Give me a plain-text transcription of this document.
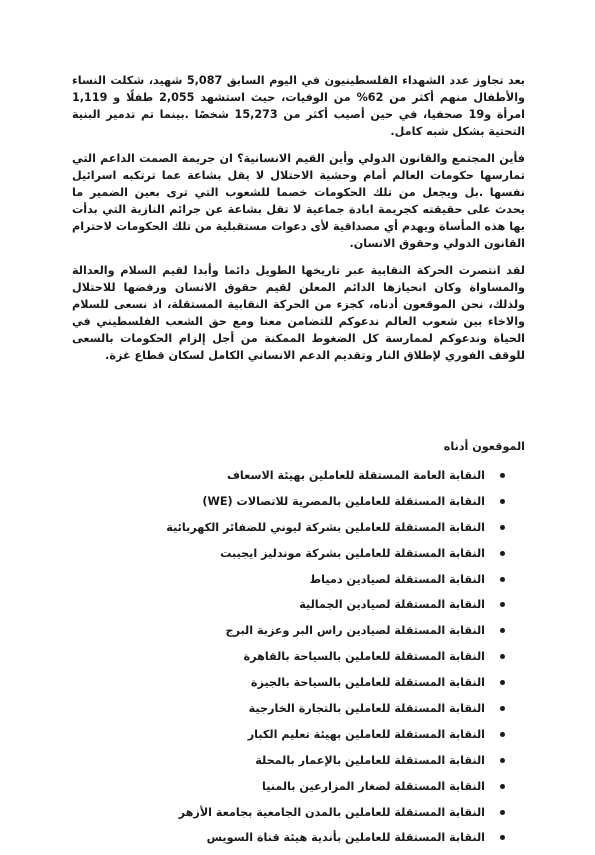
بعد تجاوز عدد الشهداء الفلسطينيون في اليوم السابق 5,087 شهيد، شكلت النساء والأطفال منهم أكثر من 62% من الوفيات، حيث استشهد 2,055 طفلًا و 1,119 امرأة و19 صحفيا، في حين أصيب أكثر من 15,273 شخصًا .بينما تم تدمير البنية التحتية بشكل شبه كامل.

فأين المجتمع والقانون الدولي وأين القيم الانسانية؟ ان جريمة الصمت الداعم التي تمارسها حكومات العالم أمام وحشية الاحتلال لا يقل بشاعة عما ترتكبه اسرائيل نفسها .بل ويجعل من تلك الحكومات خصما للشعوب التي ترى بعين الضمير ما يحدث على حقيقته كجريمة ابادة جماعية لا تقل بشاعة عن جرائم النازية التي بدأت بها هذه المأساة ويهدم أي مصداقية لأى دعوات مستقبلية من تلك الحكومات لاحترام القانون الدولي وحقوق الانسان.

لقد انتصرت الحركة النقابية عبر تاريخها الطويل دائما وأبدا لقيم السلام والعدالة والمساواة وكان انحيازها الدائم المعلن لقيم حقوق الانسان ورفضها للاحتلال ولذلك، نحن الموقعون أدناه، كجزء من الحركة النقابية المستقلة، اذ نسعى للسلام والاخاء بين شعوب العالم ندعوكم للتضامن معنا ومع حق الشعب الفلسطيني في الحياة وندعوكم لممارسة كل الضغوط الممكنة من أجل إلزام الحكومات بالسعى للوقف الفوري لإطلاق النار وتقديم الدعم الانساني الكامل لسكان قطاع غزة.

الموقعون أدناه
النقابة العامة المستقلة للعاملين بهيئة الاسعاف
النقابة المستقلة للعاملين بالمصرية للاتصالات (WE)
النقابة المستقلة للعاملين بشركة ليوني للضفائر الكهربائية
النقابة المستقلة للعاملين بشركة موندليز ايجيبت
النقابة المستقلة لصيادين دمياط
النقابة المستقلة لصيادين الجمالية
النقابة المستقلة لصيادين راس البر وعزبة البرج
النقابة المستقلة للعاملين بالسياحة بالقاهرة
النقابة المستقلة للعاملين بالسياحة بالجيزة
النقابة المستقلة للعاملين بالتجارة الخارجية
النقابة المستقلة للعاملين بهيئة تعليم الكبار
النقابة المستقلة للعاملين بالإعمار بالمحلة
النقابة المستقلة لصغار المزارعين بالمنيا
النقابة المستقلة للعاملين بالمدن الجامعية بجامعة الأزهر
النقابة المستقلة للعاملين بأندية هيئة قناة السويس
